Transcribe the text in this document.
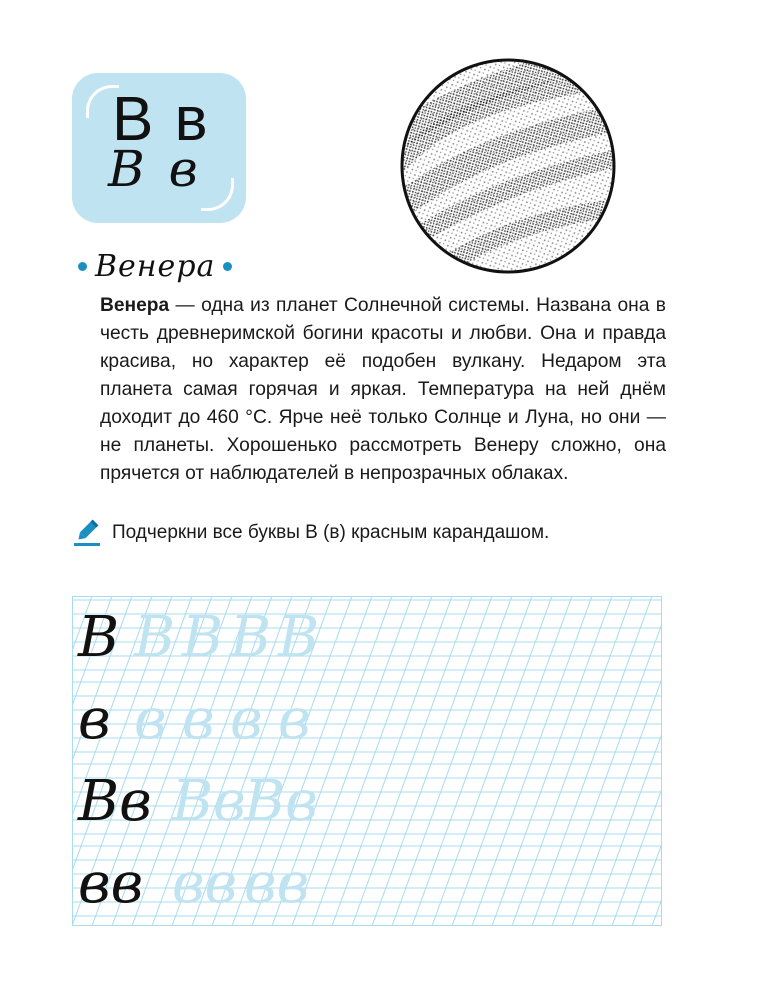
В в
В в
Венера
Венера — одна из планет Солнечной системы. Названа она в честь древнеримской богини красоты и любви. Она и правда красива, но характер её подобен вулкану. Недаром эта планета самая горячая и яркая. Температура на ней днём доходит до 460 °С. Ярче неё только Солнце и Луна, но они — не планеты. Хорошенько рассмотреть Венеру сложно, она прячется от наблюдателей в непрозрачных облаках.
Подчеркни все буквы В (в) красным карандашом.
В В В В В
в в в в в
Вв Вв
Вв
вв вв вв
